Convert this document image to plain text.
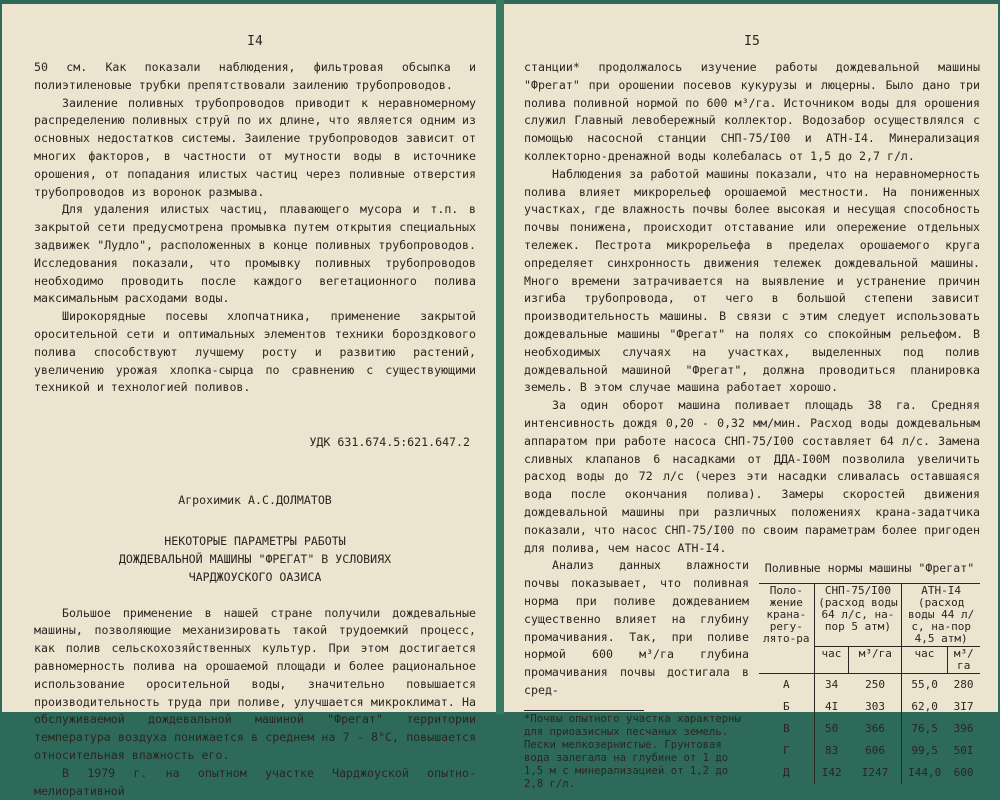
I4

50 см. Как показали наблюдения, фильтровая обсыпка и полиэтиленовые трубки препятствовали заилению трубопроводов.

Заиление поливных трубопроводов приводит к неравномерному распределению поливных струй по их длине, что является одним из основных недостатков системы. Заиление трубопроводов зависит от многих факторов, в частности от мутности воды в источнике орошения, от попадания илистых частиц через поливные отверстия трубопроводов из воронок размыва.

Для удаления илистых частиц, плавающего мусора и т.п. в закрытой сети предусмотрена промывка путем открытия специальных задвижек "Лудло", расположенных в конце поливных трубопроводов. Исследования показали, что промывку поливных трубопроводов необходимо проводить после каждого вегетационного полива максимальным расходами воды.

Широкорядные посевы хлопчатника, применение закрытой оросительной сети и оптимальных элементов техники бороздкового полива способствуют лучшему росту и развитию растений, увеличению урожая хлопка-сырца по сравнению с существующими техникой и технологией поливов.

УДК 631.674.5:621.647.2
Агрохимик А.С.ДОЛМАТОВ
НЕКОТОРЫЕ ПАРАМЕТРЫ РАБОТЫ
ДОЖДЕВАЛЬНОЙ МАШИНЫ "ФРЕГАТ" В УСЛОВИЯХ
ЧАРДЖОУСКОГО ОАЗИСА

Большое применение в нашей стране получили дождевальные машины, позволяющие механизировать такой трудоемкий процесс, как полив сельскохозяйственных культур. При этом достигается равномерность полива на орошаемой площади и более рациональное использование оросительной воды, значительно повышается производительность труда при поливе, улучшается микроклимат. На обслуживаемой дождевальной машиной "Фрегат" территории температура воздуха понижается в среднем на 7 - 8°С, повышается относительная влажность его.

В 1979 г. на опытном участке Чарджоуской опытно-мелиоративной

I5

станции* продолжалось изучение работы дождевальной машины "Фрегат" при орошении посевов кукурузы и люцерны. Было дано три полива поливной нормой по 600 м³/га. Источником воды для орошения служил Главный левобережный коллектор. Водозабор осуществлялся с помощью насосной станции СНП-75/I00 и АТН-I4. Минерализация коллекторно-дренажной воды колебалась от 1,5 до 2,7 г/л.

Наблюдения за работой машины показали, что на неравномерность полива влияет микрорельеф орошаемой местности. На пониженных участках, где влажность почвы более высокая и несущая способность почвы понижена, происходит отставание или опережение отдельных тележек. Пестрота микрорельефа в пределах орошаемого круга определяет синхронность движения тележек дождевальной машины. Много времени затрачивается на выявление и устранение причин изгиба трубопровода, от чего в большой степени зависит производительность машины. В связи с этим следует использовать дождевальные машины "Фрегат" на полях со спокойным рельефом. В необходимых случаях на участках, выделенных под полив дождевальной машиной "Фрегат", должна проводиться планировка земель. В этом случае машина работает хорошо.

За один оборот машина поливает площадь 38 га. Средняя интенсивность дождя 0,20 - 0,32 мм/мин. Расход воды дождевальным аппаратом при работе насоса СНП-75/I00 составляет 64 л/с. Замена сливных клапанов 6 насадками от ДДА-I00М позволила увеличить расход воды до 72 л/с (через эти насадки сливалась оставшаяся вода после окончания полива). Замеры скоростей движения дождевальной машины при различных положениях крана-задатчика показали, что насос СНП-75/I00 по своим параметрам более пригоден для полива, чем насос АТН-I4.

Анализ данных влажности почвы показывает, что поливная норма при поливе дождеванием существенно влияет на глубину промачивания. Так, при поливе нормой 600 м³/га глубина промачивания почвы достигала в сред-

*Почвы опытного участка характерны для приоазисных песчаных земель. Пески мелкозернистые. Грунтовая вода залегала на глубине от 1 до 1,5 м с минерализацией от 1,2 до 2,8 г/л.

Поливные нормы машины "Фрегат"
Поло-жение крана-регу-лято-ра	СНП-75/I00 (расход воды 64 л/с, на-пор 5 атм)		АТН-I4 (расход воды 44 л/с, на-пор 4,5 атм)	
	час	м³/га	час	м³/га
А	34	250	55,0	280
Б	4I	303	62,0	3I7
В	50	366	76,5	396
Г	83	606	99,5	50I
Д	I42	I247	I44,0	600
